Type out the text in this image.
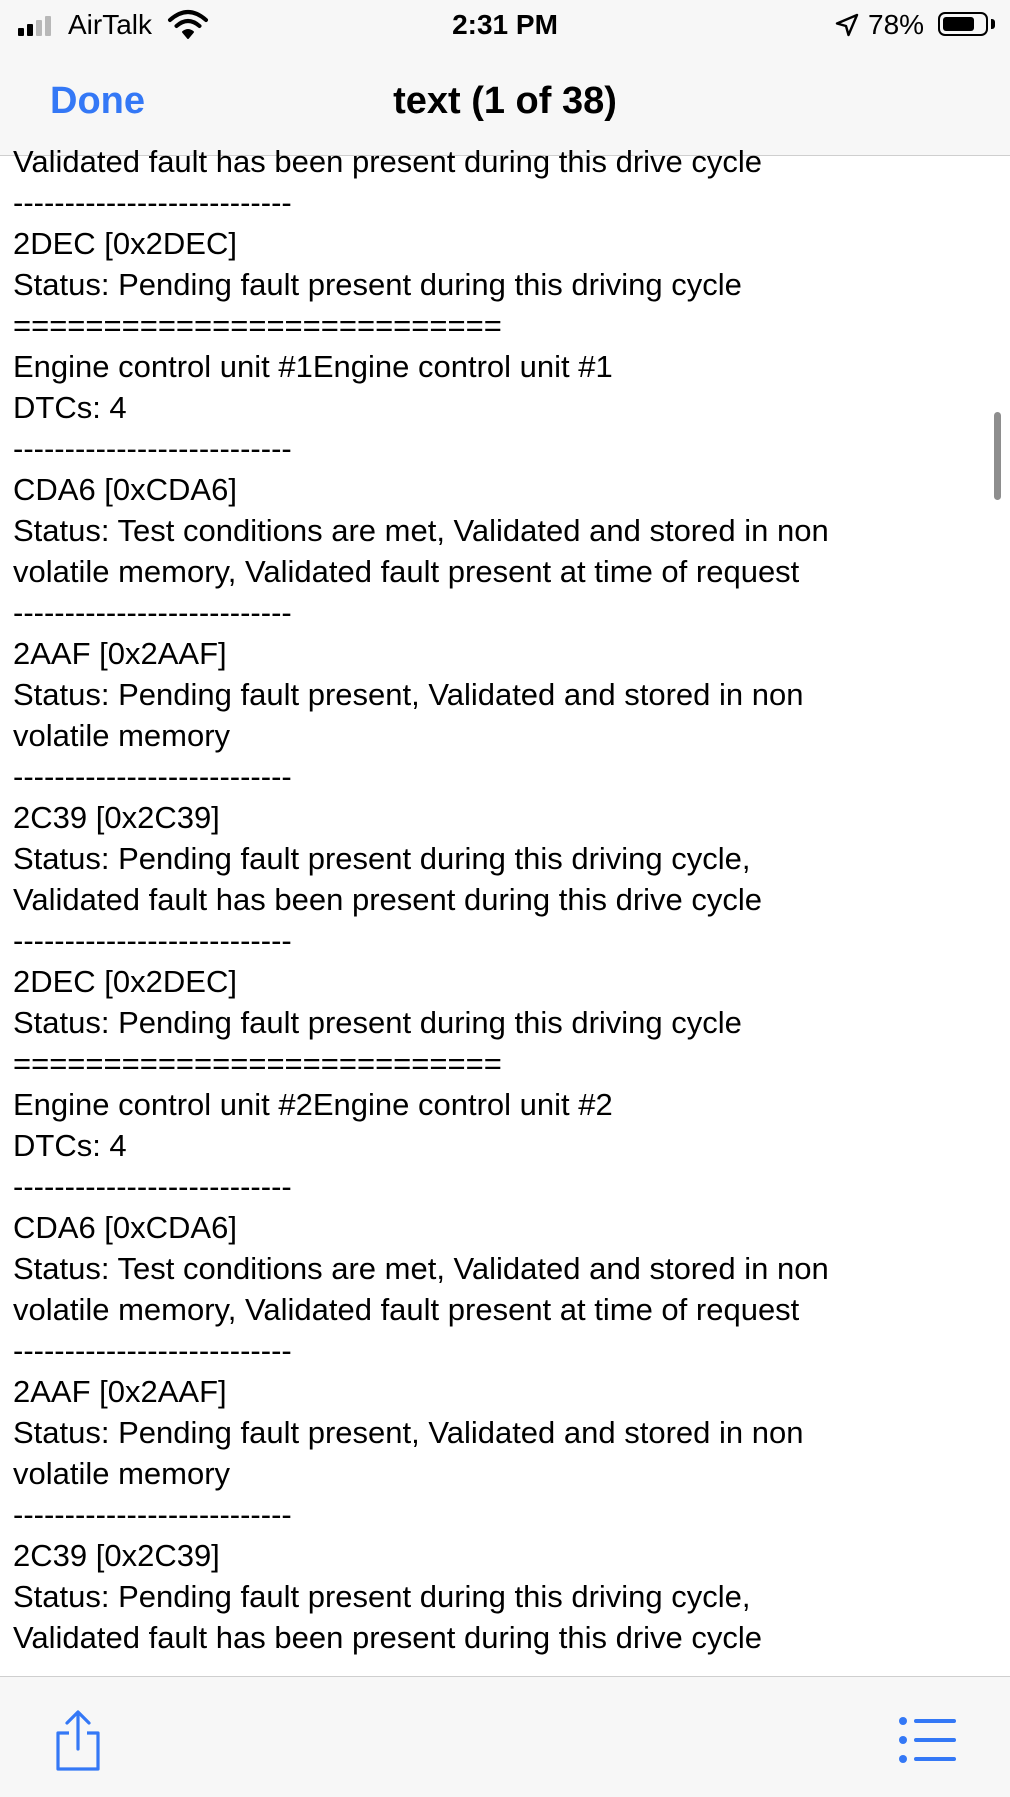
AirTalk	2:31 PM	78%
Done	text (1 of 38)
Validated fault has been present during this drive cycle
---------------------------
2DEC [0x2DEC]
Status: Pending fault present during this driving cycle
===========================
Engine control unit #1Engine control unit #1
DTCs: 4
---------------------------
CDA6 [0xCDA6]
Status: Test conditions are met, Validated and stored in non
volatile memory, Validated fault present at time of request
---------------------------
2AAF [0x2AAF]
Status: Pending fault present, Validated and stored in non
volatile memory
---------------------------
2C39 [0x2C39]
Status: Pending fault present during this driving cycle,
Validated fault has been present during this drive cycle
---------------------------
2DEC [0x2DEC]
Status: Pending fault present during this driving cycle
===========================
Engine control unit #2Engine control unit #2
DTCs: 4
---------------------------
CDA6 [0xCDA6]
Status: Test conditions are met, Validated and stored in non
volatile memory, Validated fault present at time of request
---------------------------
2AAF [0x2AAF]
Status: Pending fault present, Validated and stored in non
volatile memory
---------------------------
2C39 [0x2C39]
Status: Pending fault present during this driving cycle,
Validated fault has been present during this drive cycle
